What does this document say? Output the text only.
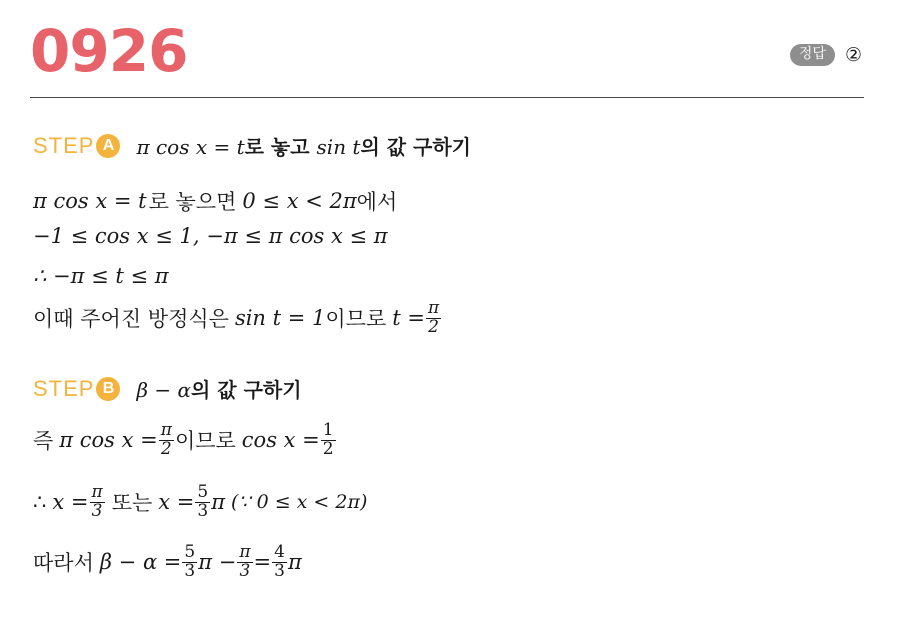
0926	정답	②
STEP A	π cos x = t로 놓고 sin t의 값 구하기
π cos x = t 로 놓으면 0 ≤ x < 2π 에서
−1 ≤ cos x ≤ 1, −π ≤ π cos x ≤ π
∴ −π ≤ t ≤ π
이때 주어진 방정식은 sin t = 1 이므로 $t = \frac{\pi}{2}$
STEP B	β − α의 값 구하기
즉 π $\cos x = \frac{\pi}{2}$ 이므로 $\cos x = \frac{1}{2}$
∴ $x = \frac{\pi}{3}$ 또는 $x = \frac{5}{3}$ π (∵ 0 ≤ x < 2π)
따라서 $\beta - \alpha = \frac{5}{3}$ $\pi - \frac{\pi}{3} = \frac{4}{3}$ π
